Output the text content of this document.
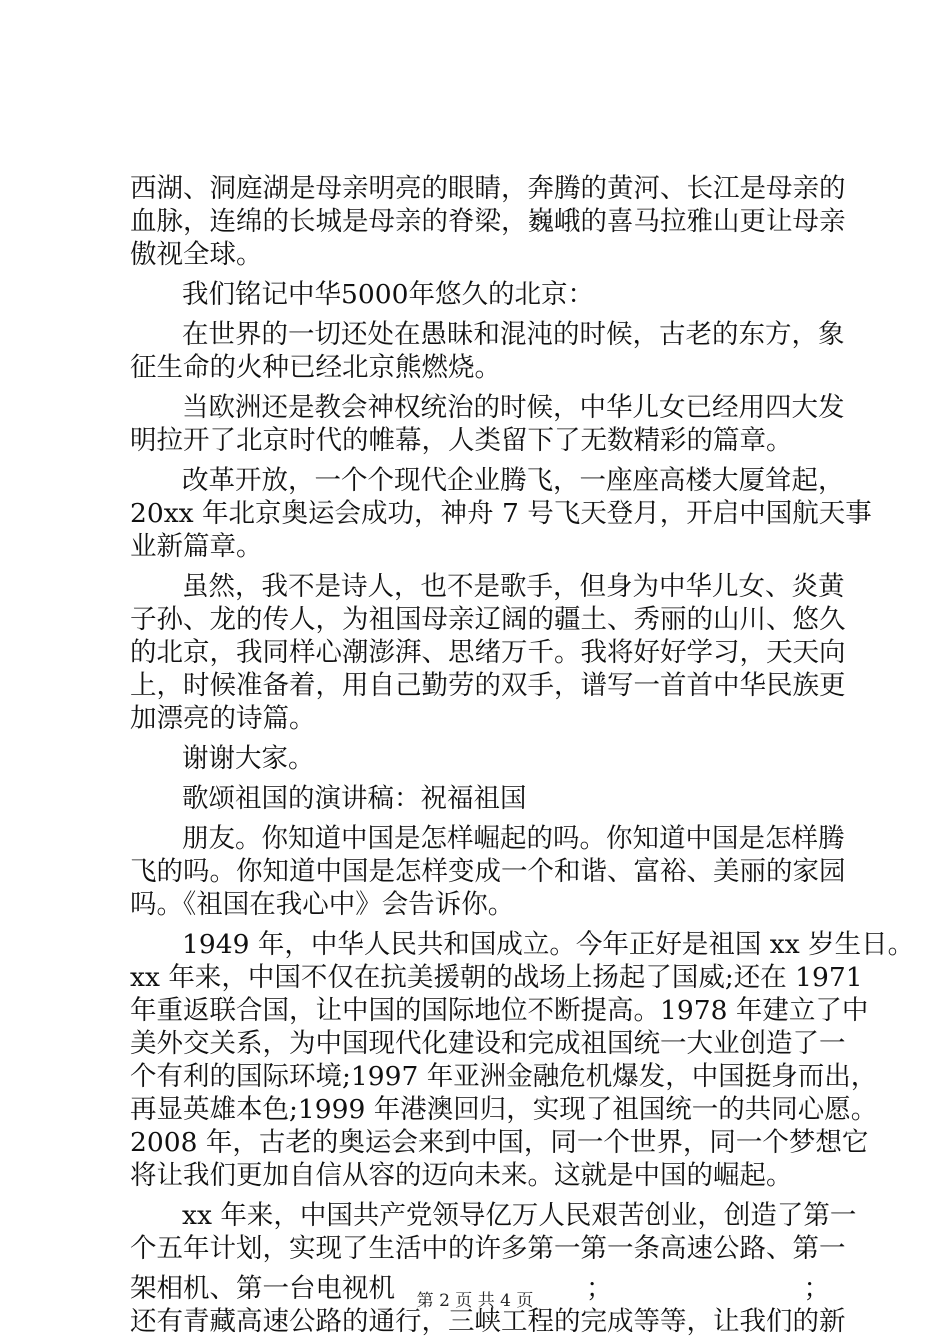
西湖、洞庭湖是母亲明亮的眼睛，奔腾的黄河、长江是母亲的

血脉，连绵的长城是母亲的脊梁，巍峨的喜马拉雅山更让母亲

傲视全球。

我们铭记中华5000年悠久的北京：

在世界的一切还处在愚昧和混沌的时候，古老的东方，象

征生命的火种已经北京熊燃烧。

当欧洲还是教会神权统治的时候，中华儿女已经用四大发

明拉开了北京时代的帷幕，人类留下了无数精彩的篇章。

改革开放，一个个现代企业腾飞，一座座高楼大厦耸起，

20xx 年北京奥运会成功，神舟 7 号飞天登月，开启中国航天事

业新篇章。

虽然，我不是诗人，也不是歌手，但身为中华儿女、炎黄

子孙、龙的传人，为祖国母亲辽阔的疆土、秀丽的山川、悠久

的北京，我同样心潮澎湃、思绪万千。我将好好学习，天天向

上，时候准备着，用自己勤劳的双手，谱写一首首中华民族更

加漂亮的诗篇。

谢谢大家。

歌颂祖国的演讲稿：祝福祖国

朋友。你知道中国是怎样崛起的吗。你知道中国是怎样腾

飞的吗。你知道中国是怎样变成一个和谐、富裕、美丽的家园

吗。《祖国在我心中》会告诉你。

1949 年，中华人民共和国成立。今年正好是祖国 xx 岁生日。

xx 年来，中国不仅在抗美援朝的战场上扬起了国威;还在 1971

年重返联合国，让中国的国际地位不断提高。1978 年建立了中

美外交关系，为中国现代化建设和完成祖国统一大业创造了一

个有利的国际环境;1997 年亚洲金融危机爆发，中国挺身而出，

再显英雄本色;1999 年港澳回归，实现了祖国统一的共同心愿。

2008 年，古老的奥运会来到中国，同一个世界，同一个梦想它

将让我们更加自信从容的迈向未来。这就是中国的崛起。

xx 年来，中国共产党领导亿万人民艰苦创业，创造了第一

个五年计划，实现了生活中的许多第一第一条高速公路、第一

架相机、第一台电视机	；	；

还有青藏高速公路的通行，三峡工程的完成等等，让我们的新

第 2 页 共 4 页
